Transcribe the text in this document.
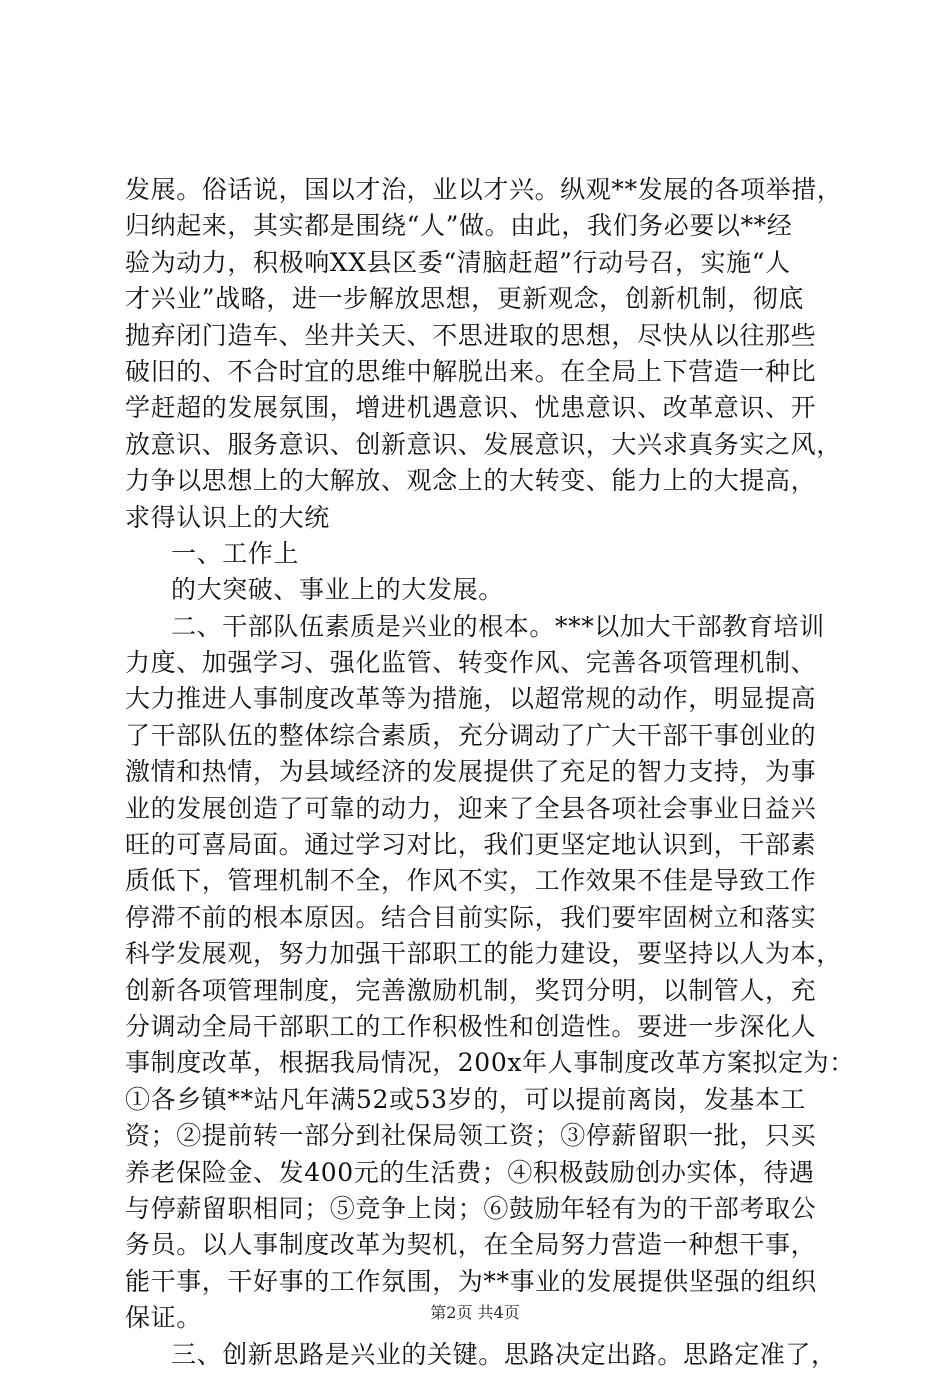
发展。俗话说，国以才治，业以才兴。纵观**发展的各项举措，
归纳起来，其实都是围绕“人”做。由此，我们务必要以**经
验为动力，积极响XX县区委“清脑赶超”行动号召，实施“人
才兴业”战略，进一步解放思想，更新观念，创新机制，彻底
抛弃闭门造车、坐井关天、不思进取的思想，尽快从以往那些
破旧的、不合时宜的思维中解脱出来。在全局上下营造一种比
学赶超的发展氛围，增进机遇意识、忧患意识、改革意识、开
放意识、服务意识、创新意识、发展意识，大兴求真务实之风，
力争以思想上的大解放、观念上的大转变、能力上的大提高，
求得认识上的大统
一、工作上
的大突破、事业上的大发展。
二、干部队伍素质是兴业的根本。***以加大干部教育培训
力度、加强学习、强化监管、转变作风、完善各项管理机制、
大力推进人事制度改革等为措施，以超常规的动作，明显提高
了干部队伍的整体综合素质，充分调动了广大干部干事创业的
激情和热情，为县域经济的发展提供了充足的智力支持，为事
业的发展创造了可靠的动力，迎来了全县各项社会事业日益兴
旺的可喜局面。通过学习对比，我们更坚定地认识到，干部素
质低下，管理机制不全，作风不实，工作效果不佳是导致工作
停滞不前的根本原因。结合目前实际，我们要牢固树立和落实
科学发展观，努力加强干部职工的能力建设，要坚持以人为本，
创新各项管理制度，完善激励机制，奖罚分明，以制管人，充
分调动全局干部职工的工作积极性和创造性。要进一步深化人
事制度改革，根据我局情况，200x年人事制度改革方案拟定为：
①各乡镇**站凡年满52或53岁的，可以提前离岗，发基本工
资；②提前转一部分到社保局领工资；③停薪留职一批，只买
养老保险金、发400元的生活费；④积极鼓励创办实体，待遇
与停薪留职相同；⑤竞争上岗；⑥鼓励年轻有为的干部考取公
务员。以人事制度改革为契机，在全局努力营造一种想干事，
能干事，干好事的工作氛围，为**事业的发展提供坚强的组织
保证。
三、创新思路是兴业的关键。思路决定出路。思路定准了，
第2页 共4页
